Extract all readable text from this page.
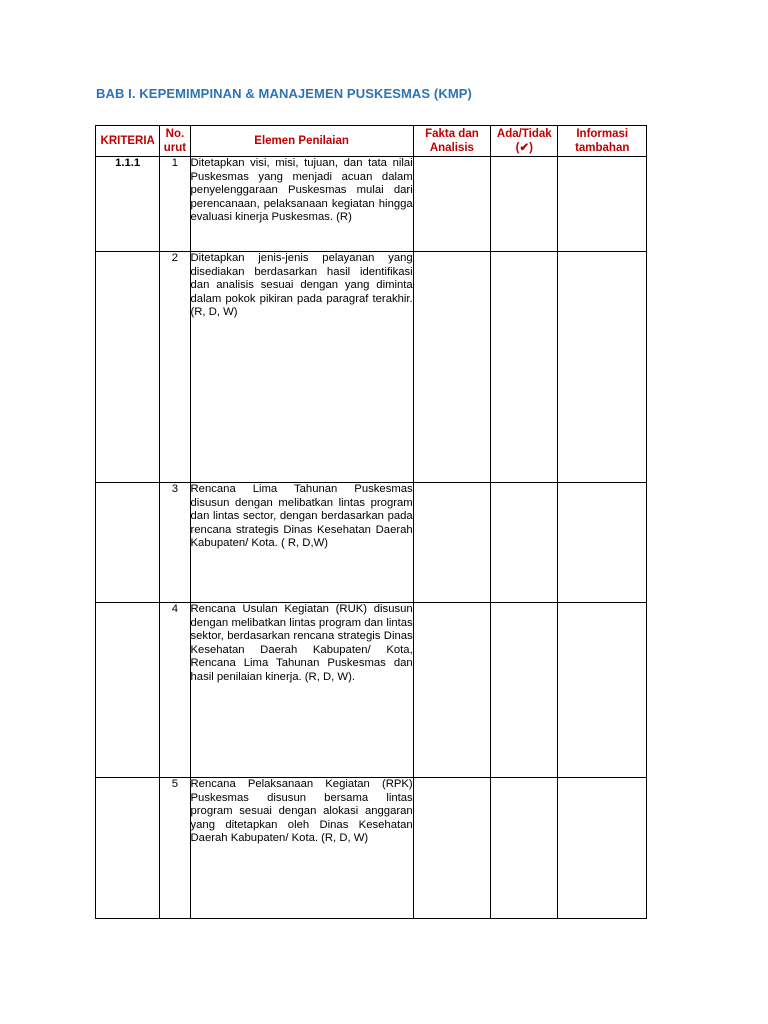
BAB I. KEPEMIMPINAN & MANAJEMEN PUSKESMAS (KMP)
KRITERIA	No. urut	Elemen Penilaian	Fakta dan Analisis	Ada/Tidak (✔)	Informasi tambahan
1.1.1	1	Ditetapkan visi, misi, tujuan, dan tata nilai Puskesmas yang menjadi acuan dalam penyelenggaraan Puskesmas mulai dari perencanaan, pelaksanaan kegiatan hingga evaluasi kinerja Puskesmas. (R)			
	2	Ditetapkan jenis-jenis pelayanan yang disediakan berdasarkan hasil identifikasi dan analisis sesuai dengan yang diminta dalam pokok pikiran pada paragraf terakhir. (R, D, W)			
	3	Rencana Lima Tahunan Puskesmas disusun dengan melibatkan lintas program dan lintas sector, dengan berdasarkan pada rencana strategis Dinas Kesehatan Daerah Kabupaten/ Kota. ( R, D,W)			
	4	Rencana Usulan Kegiatan (RUK) disusun dengan melibatkan lintas program dan lintas sektor, berdasarkan rencana strategis Dinas Kesehatan Daerah Kabupaten/ Kota, Rencana Lima Tahunan Puskesmas dan hasil penilaian kinerja. (R, D, W).			
	5	Rencana Pelaksanaan Kegiatan (RPK) Puskesmas disusun bersama lintas program sesuai dengan alokasi anggaran yang ditetapkan oleh Dinas Kesehatan Daerah Kabupaten/ Kota. (R, D, W)			
